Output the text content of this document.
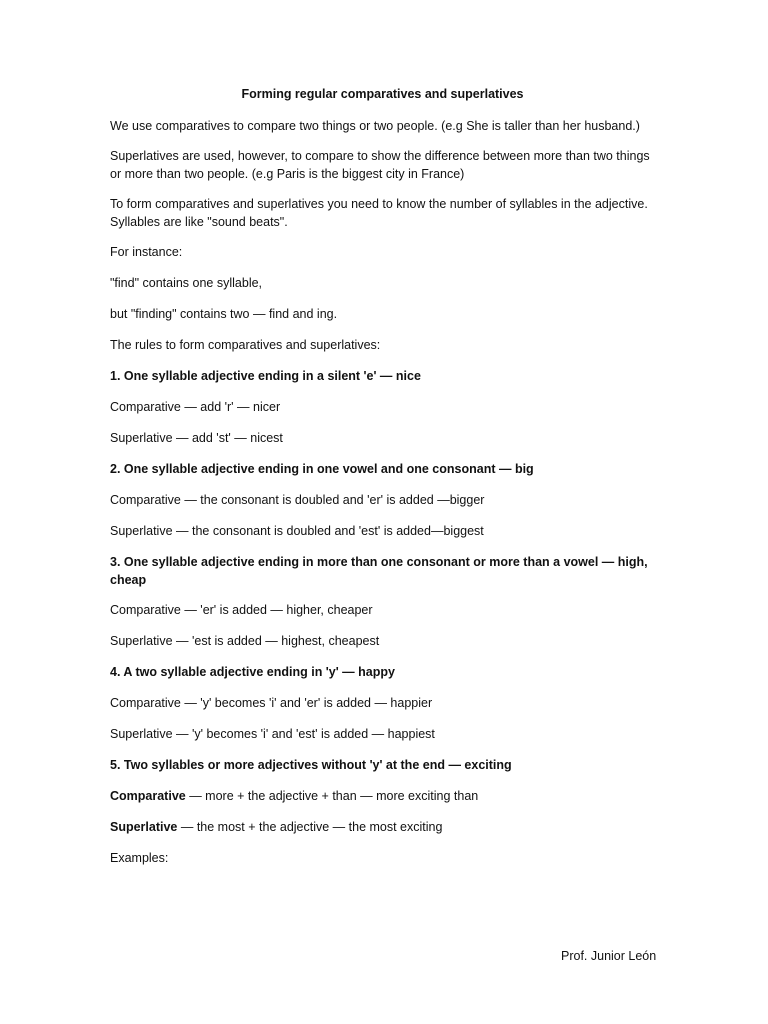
Forming regular comparatives and superlatives

We use comparatives to compare two things or two people. (e.g She is taller than her husband.)

Superlatives are used, however, to compare to show the difference between more than two things or more than two people. (e.g Paris is the biggest city in France)

To form comparatives and superlatives you need to know the number of syllables in the adjective. Syllables are like "sound beats".

For instance:

"find" contains one syllable,

but "finding" contains two — find and ing.

The rules to form comparatives and superlatives:

1. One syllable adjective ending in a silent 'e' — nice

Comparative — add 'r' — nicer

Superlative — add 'st' — nicest

2. One syllable adjective ending in one vowel and one consonant — big

Comparative — the consonant is doubled and 'er' is added —bigger

Superlative — the consonant is doubled and 'est' is added—biggest

3. One syllable adjective ending in more than one consonant or more than a vowel — high, cheap

Comparative — 'er' is added — higher, cheaper

Superlative — 'est is added — highest, cheapest

4. A two syllable adjective ending in 'y' — happy

Comparative — 'y' becomes 'i' and 'er' is added — happier

Superlative — 'y' becomes 'i' and 'est' is added — happiest

5. Two syllables or more adjectives without 'y' at the end — exciting

Comparative — more + the adjective + than — more exciting than

Superlative — the most + the adjective — the most exciting

Examples:

Prof. Junior León
